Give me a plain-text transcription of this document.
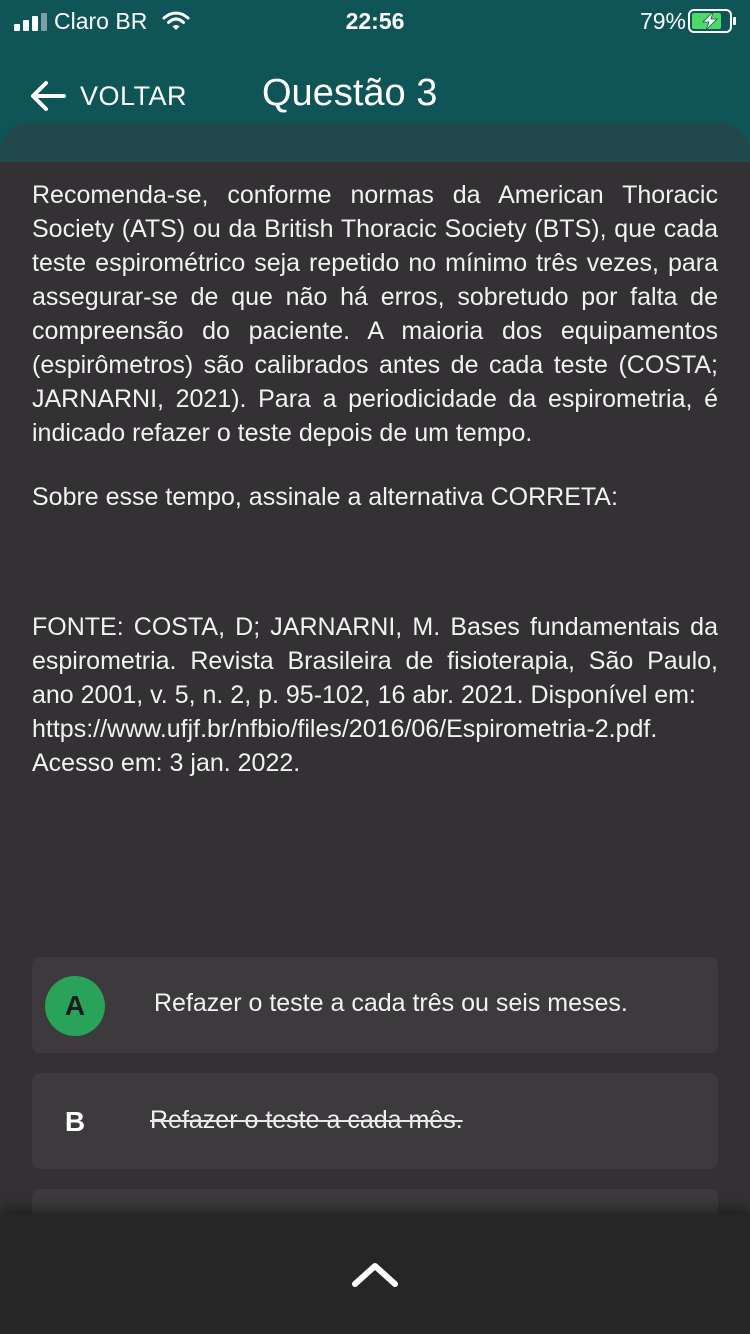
Claro BR	22:56	79%
VOLTAR Questão 3

Recomenda-se, conforme normas da American Thoracic Society (ATS) ou da British Thoracic Society (BTS), que cada teste espirométrico seja repetido no mínimo três vezes, para assegurar-se de que não há erros, sobretudo por falta de compreensão do paciente. A maioria dos equipamentos (espirômetros) são calibrados antes de cada teste (COSTA; JARNARNI, 2021). Para a periodicidade da espirometria, é indicado refazer o teste depois de um tempo.

Sobre esse tempo, assinale a alternativa CORRETA:

FONTE: COSTA, D; JARNARNI, M. Bases fundamentais da espirometria. Revista Brasileira de fisioterapia, São Paulo, ano 2001, v. 5, n. 2, p. 95-102, 16 abr. 2021. Disponível em:

https://www.ufjf.br/nfbio/files/2016/06/Espirometria-2.pdf. Acesso em: 3 jan. 2022.

A	Refazer o teste a cada três ou seis meses.
B	Refazer o teste a cada mês.
